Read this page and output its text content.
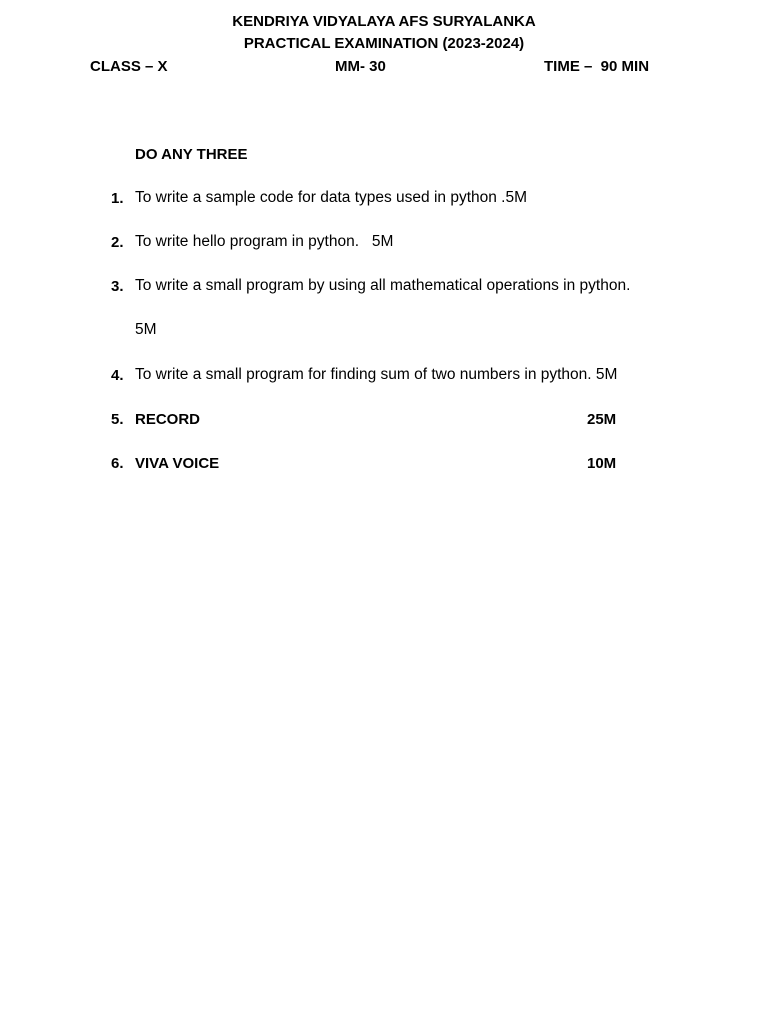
KENDRIYA VIDYALAYA AFS SURYALANKA
PRACTICAL EXAMINATION (2023-2024)
CLASS – X	MM- 30	TIME –  90 MIN
DO ANY THREE
1. To write a sample code for data types used in python .5M
2. To write hello program in python.   5M
3. To write a small program by using all mathematical operations in python.
5M
4. To write a small program for finding sum of two numbers in python. 5M
5. RECORD	25M
6. VIVA VOICE	10M
